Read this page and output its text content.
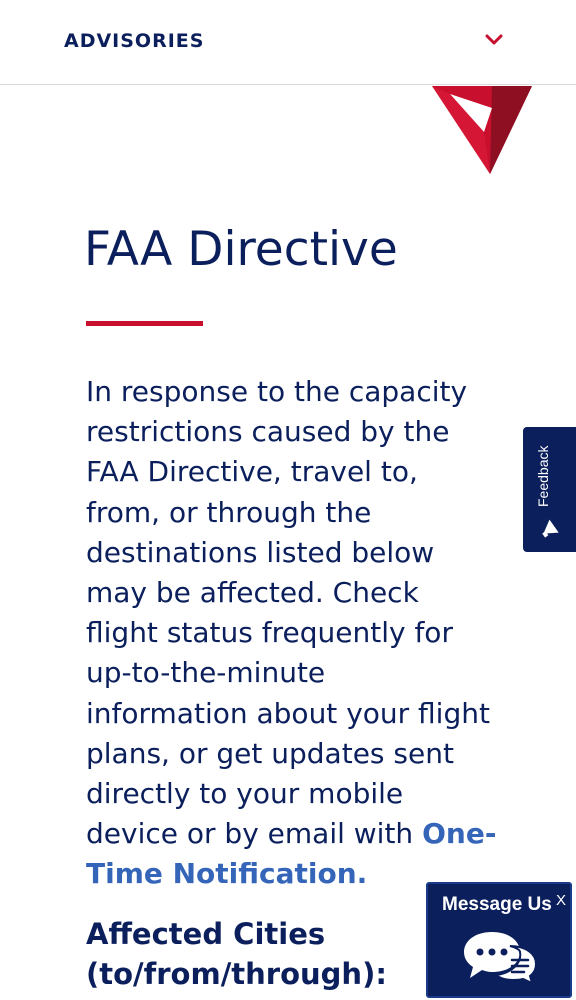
ADVISORIES
FAA Directive
In response to the capacity
restrictions caused by the
FAA Directive, travel to,
from, or through the
destinations listed below
may be affected. Check
flight status frequently for
up-to-the-minute
information about your flight
plans, or get updates sent
directly to your mobile
device or by email with One-
Time Notification.
Affected Cities
(to/from/through):
Feedback
Message Us X
